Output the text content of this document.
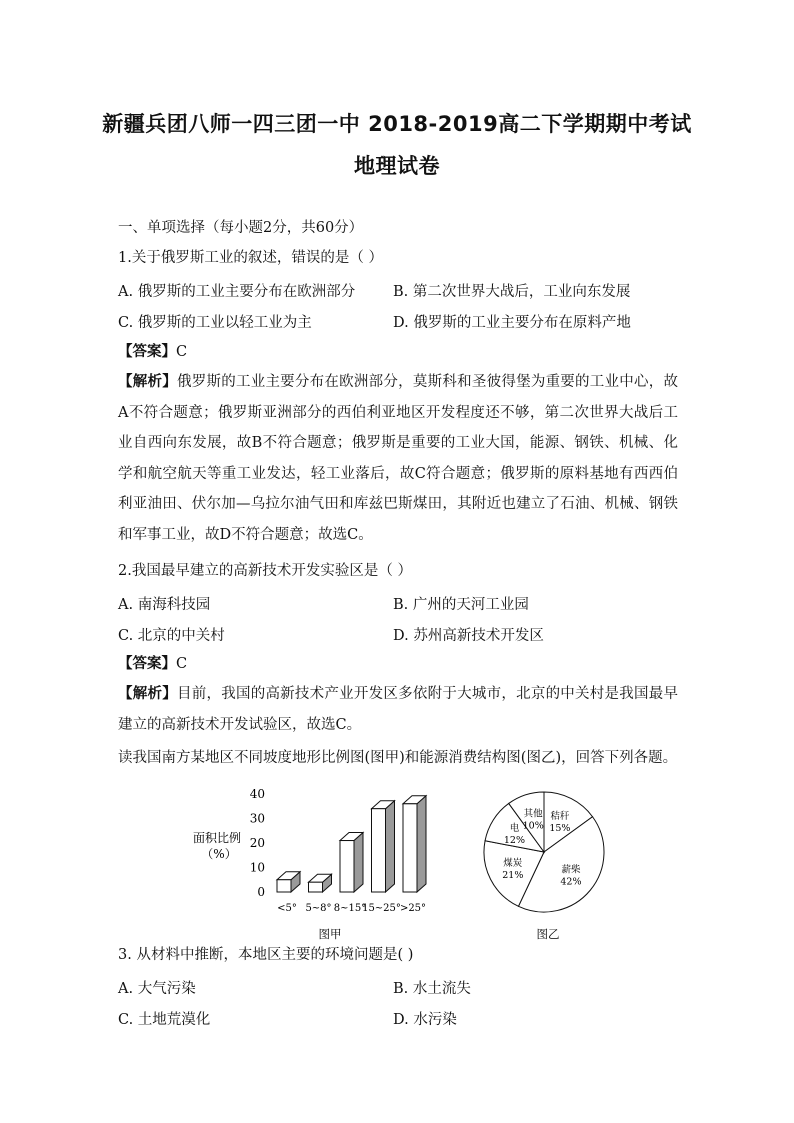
新疆兵团八师一四三团一中 2018-2019高二下学期期中考试
地理试卷
一、单项选择（每小题2分，共60分）
1.关于俄罗斯工业的叙述，错误的是（ ）
A. 俄罗斯的工业主要分布在欧洲部分	B. 第二次世界大战后，工业向东发展
C. 俄罗斯的工业以轻工业为主	D. 俄罗斯的工业主要分布在原料产地
【答案】C
【解析】俄罗斯的工业主要分布在欧洲部分，莫斯科和圣彼得堡为重要的工业中心，故A不符合题意；俄罗斯亚洲部分的西伯利亚地区开发程度还不够，第二次世界大战后工业自西向东发展，故B不符合题意；俄罗斯是重要的工业大国，能源、钢铁、机械、化学和航空航天等重工业发达，轻工业落后，故C符合题意；俄罗斯的原料基地有西西伯利亚油田、伏尔加—乌拉尔油气田和库兹巴斯煤田，其附近也建立了石油、机械、钢铁和军事工业，故D不符合题意；故选C。
2.我国最早建立的高新技术开发实验区是（ ）
A. 南海科技园	B. 广州的天河工业园
C. 北京的中关村	D. 苏州高新技术开发区
【答案】C
【解析】目前，我国的高新技术产业开发区多依附于大城市，北京的中关村是我国最早建立的高新技术开发试验区，故选C。
读我国南方某地区不同坡度地形比例图(图甲)和能源消费结构图(图乙)，回答下列各题。
面积比例
（%）
0
10
20
30
40
<5° 5~8° 8~15°
15~25° >25°
图甲
秸秆
15%
薪柴
42%
煤炭
21%
电
12%
其他
10%
图乙
3. 从材料中推断，本地区主要的环境问题是( )
A. 大气污染	B. 水土流失
C. 土地荒漠化	D. 水污染
